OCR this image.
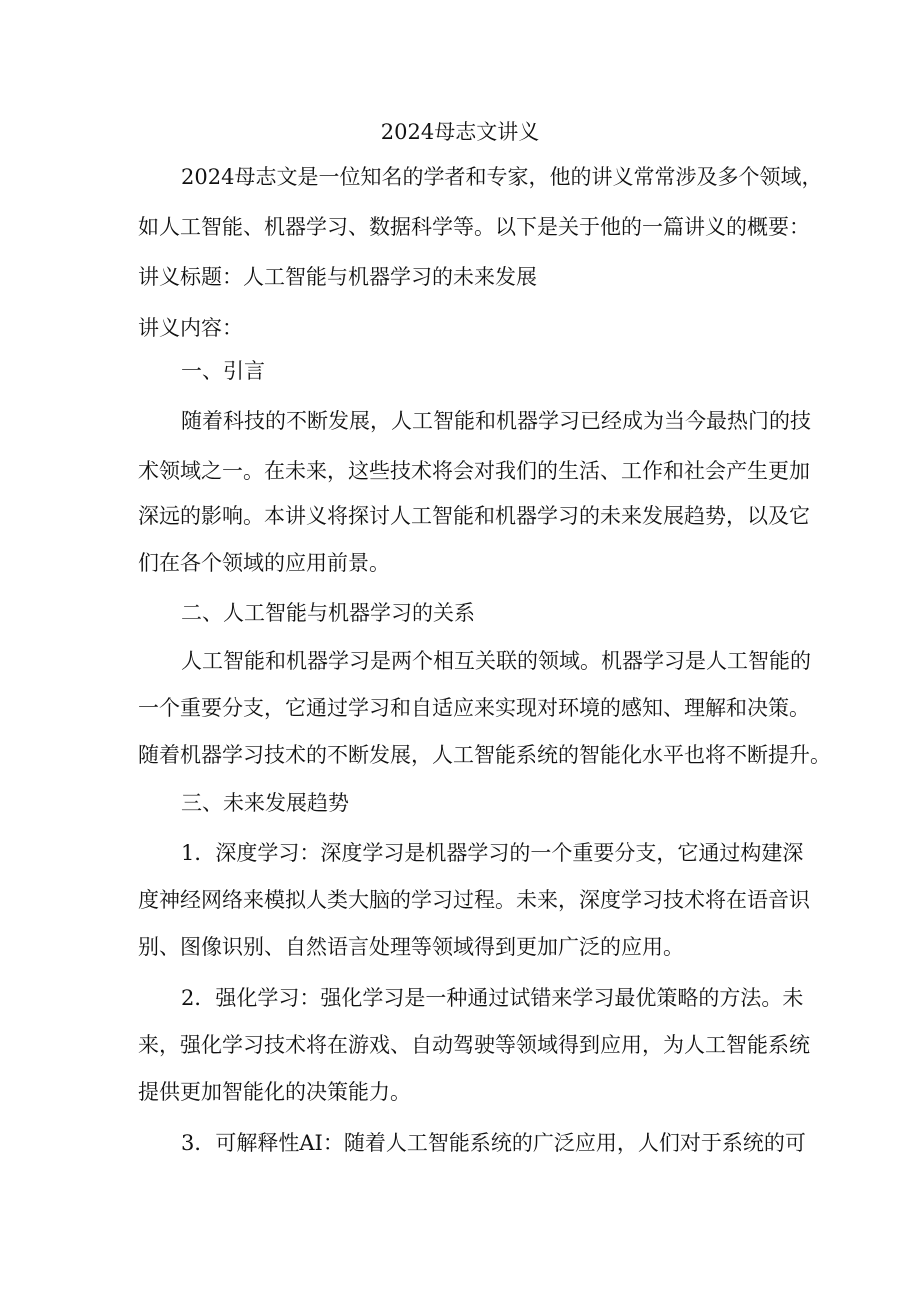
2024母志文讲义
2024母志文是一位知名的学者和专家，他的讲义常常涉及多个领域，
如人工智能、机器学习、数据科学等。以下是关于他的一篇讲义的概要：
讲义标题：人工智能与机器学习的未来发展
讲义内容：
一、引言
随着科技的不断发展，人工智能和机器学习已经成为当今最热门的技
术领域之一。在未来，这些技术将会对我们的生活、工作和社会产生更加
深远的影响。本讲义将探讨人工智能和机器学习的未来发展趋势，以及它
们在各个领域的应用前景。
二、人工智能与机器学习的关系
人工智能和机器学习是两个相互关联的领域。机器学习是人工智能的
一个重要分支，它通过学习和自适应来实现对环境的感知、理解和决策。
随着机器学习技术的不断发展，人工智能系统的智能化水平也将不断提升。
三、未来发展趋势
1．深度学习：深度学习是机器学习的一个重要分支，它通过构建深
度神经网络来模拟人类大脑的学习过程。未来，深度学习技术将在语音识
别、图像识别、自然语言处理等领域得到更加广泛的应用。
2．强化学习：强化学习是一种通过试错来学习最优策略的方法。未
来，强化学习技术将在游戏、自动驾驶等领域得到应用，为人工智能系统
提供更加智能化的决策能力。
3．可解释性AI：随着人工智能系统的广泛应用，人们对于系统的可
